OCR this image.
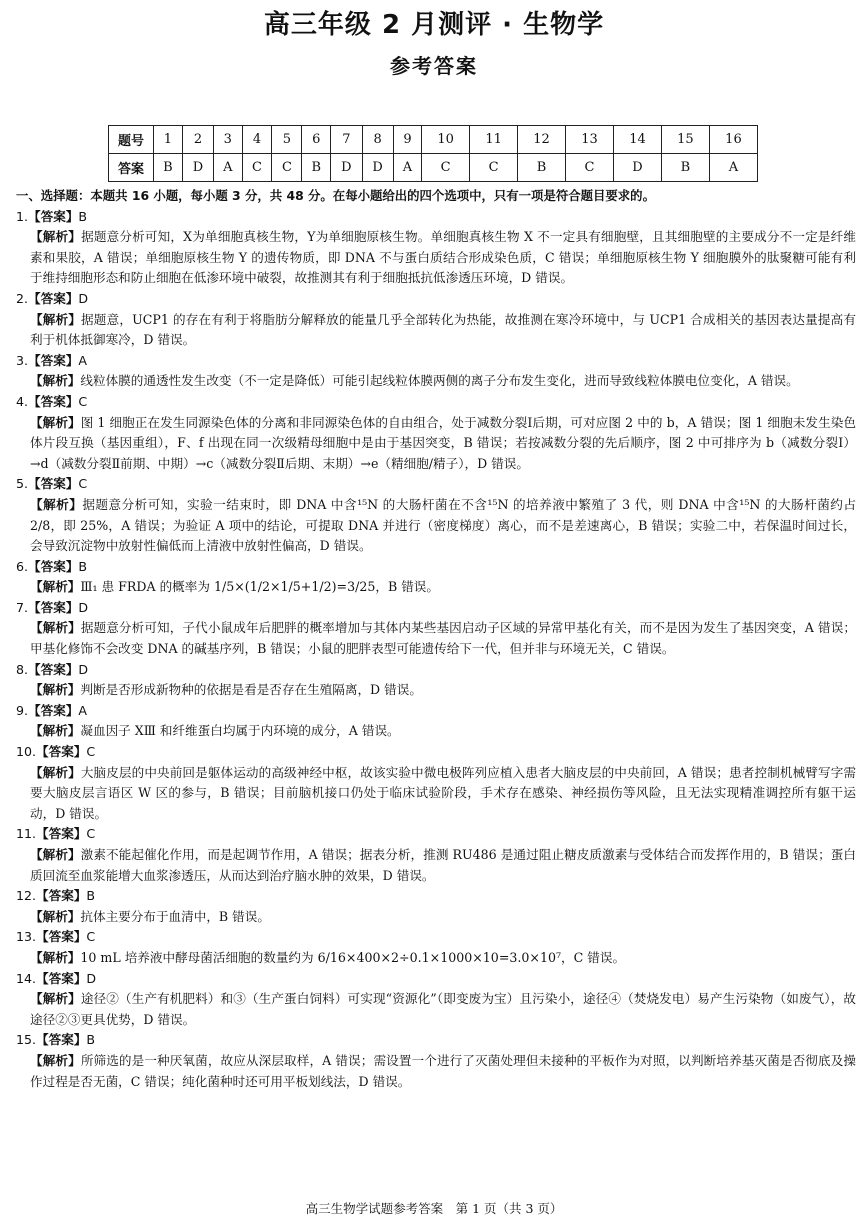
高三年级 2 月测评 · 生物学
参考答案
题号	1	2	3	4	5	6	7	8	9	10	11	12	13	14	15	16
答案	B	D	A	C	C	B	D	D	A	C	C	B	C	D	B	A
一、选择题：本题共 16 小题，每小题 3 分，共 48 分。在每小题给出的四个选项中，只有一项是符合题目要求的。

1.【答案】B

【解析】据题意分析可知，X为单细胞真核生物，Y为单细胞原核生物。单细胞真核生物 X 不一定具有细胞壁，且其细胞壁的主要成分不一定是纤维素和果胶，A 错误；单细胞原核生物 Y 的遗传物质，即 DNA 不与蛋白质结合形成染色质，C 错误；单细胞原核生物 Y 细胞膜外的肽聚糖可能有利于维持细胞形态和防止细胞在低渗环境中破裂，故推测其有利于细胞抵抗低渗透压环境，D 错误。

2.【答案】D

【解析】据题意，UCP1 的存在有利于将脂肪分解释放的能量几乎全部转化为热能，故推测在寒冷环境中，与 UCP1 合成相关的基因表达量提高有利于机体抵御寒冷，D 错误。

3.【答案】A

【解析】线粒体膜的通透性发生改变（不一定是降低）可能引起线粒体膜两侧的离子分布发生变化，进而导致线粒体膜电位变化，A 错误。

4.【答案】C

【解析】图 1 细胞正在发生同源染色体的分离和非同源染色体的自由组合，处于减数分裂Ⅰ后期，可对应图 2 中的 b，A 错误；图 1 细胞未发生染色体片段互换（基因重组），F、f 出现在同一次级精母细胞中是由于基因突变，B 错误；若按减数分裂的先后顺序，图 2 中可排序为 b（减数分裂Ⅰ）→d（减数分裂Ⅱ前期、中期）→c（减数分裂Ⅱ后期、末期）→e（精细胞/精子），D 错误。

5.【答案】C

【解析】据题意分析可知，实验一结束时，即 DNA 中含¹⁵N 的大肠杆菌在不含¹⁵N 的培养液中繁殖了 3 代，则 DNA 中含¹⁵N 的大肠杆菌约占 2/8，即 25%，A 错误；为验证 A 项中的结论，可提取 DNA 并进行（密度梯度）离心，而不是差速离心，B 错误；实验二中，若保温时间过长，会导致沉淀物中放射性偏低而上清液中放射性偏高，D 错误。

6.【答案】B

【解析】Ⅲ₁ 患 FRDA 的概率为 1/5×(1/2×1/5+1/2)=3/25，B 错误。

7.【答案】D

【解析】据题意分析可知，子代小鼠成年后肥胖的概率增加与其体内某些基因启动子区域的异常甲基化有关，而不是因为发生了基因突变，A 错误；甲基化修饰不会改变 DNA 的碱基序列，B 错误；小鼠的肥胖表型可能遗传给下一代，但并非与环境无关，C 错误。

8.【答案】D

【解析】判断是否形成新物种的依据是看是否存在生殖隔离，D 错误。

9.【答案】A

【解析】凝血因子 XⅢ 和纤维蛋白均属于内环境的成分，A 错误。

10.【答案】C

【解析】大脑皮层的中央前回是躯体运动的高级神经中枢，故该实验中微电极阵列应植入患者大脑皮层的中央前回，A 错误；患者控制机械臂写字需要大脑皮层言语区 W 区的参与，B 错误；目前脑机接口仍处于临床试验阶段，手术存在感染、神经损伤等风险，且无法实现精准调控所有躯干运动，D 错误。

11.【答案】C

【解析】激素不能起催化作用，而是起调节作用，A 错误；据表分析，推测 RU486 是通过阻止糖皮质激素与受体结合而发挥作用的，B 错误；蛋白质回流至血浆能增大血浆渗透压，从而达到治疗脑水肿的效果，D 错误。

12.【答案】B

【解析】抗体主要分布于血清中，B 错误。

13.【答案】C

【解析】10 mL 培养液中酵母菌活细胞的数量约为 6/16×400×2÷0.1×1000×10=3.0×10⁷，C 错误。

14.【答案】D

【解析】途径②（生产有机肥料）和③（生产蛋白饲料）可实现“资源化”（即变废为宝）且污染小，途径④（焚烧发电）易产生污染物（如废气），故途径②③更具优势，D 错误。

15.【答案】B

【解析】所筛选的是一种厌氧菌，故应从深层取样，A 错误；需设置一个进行了灭菌处理但未接种的平板作为对照，以判断培养基灭菌是否彻底及操作过程是否无菌，C 错误；纯化菌种时还可用平板划线法，D 错误。

高三生物学试题参考答案　第 1 页（共 3 页）
